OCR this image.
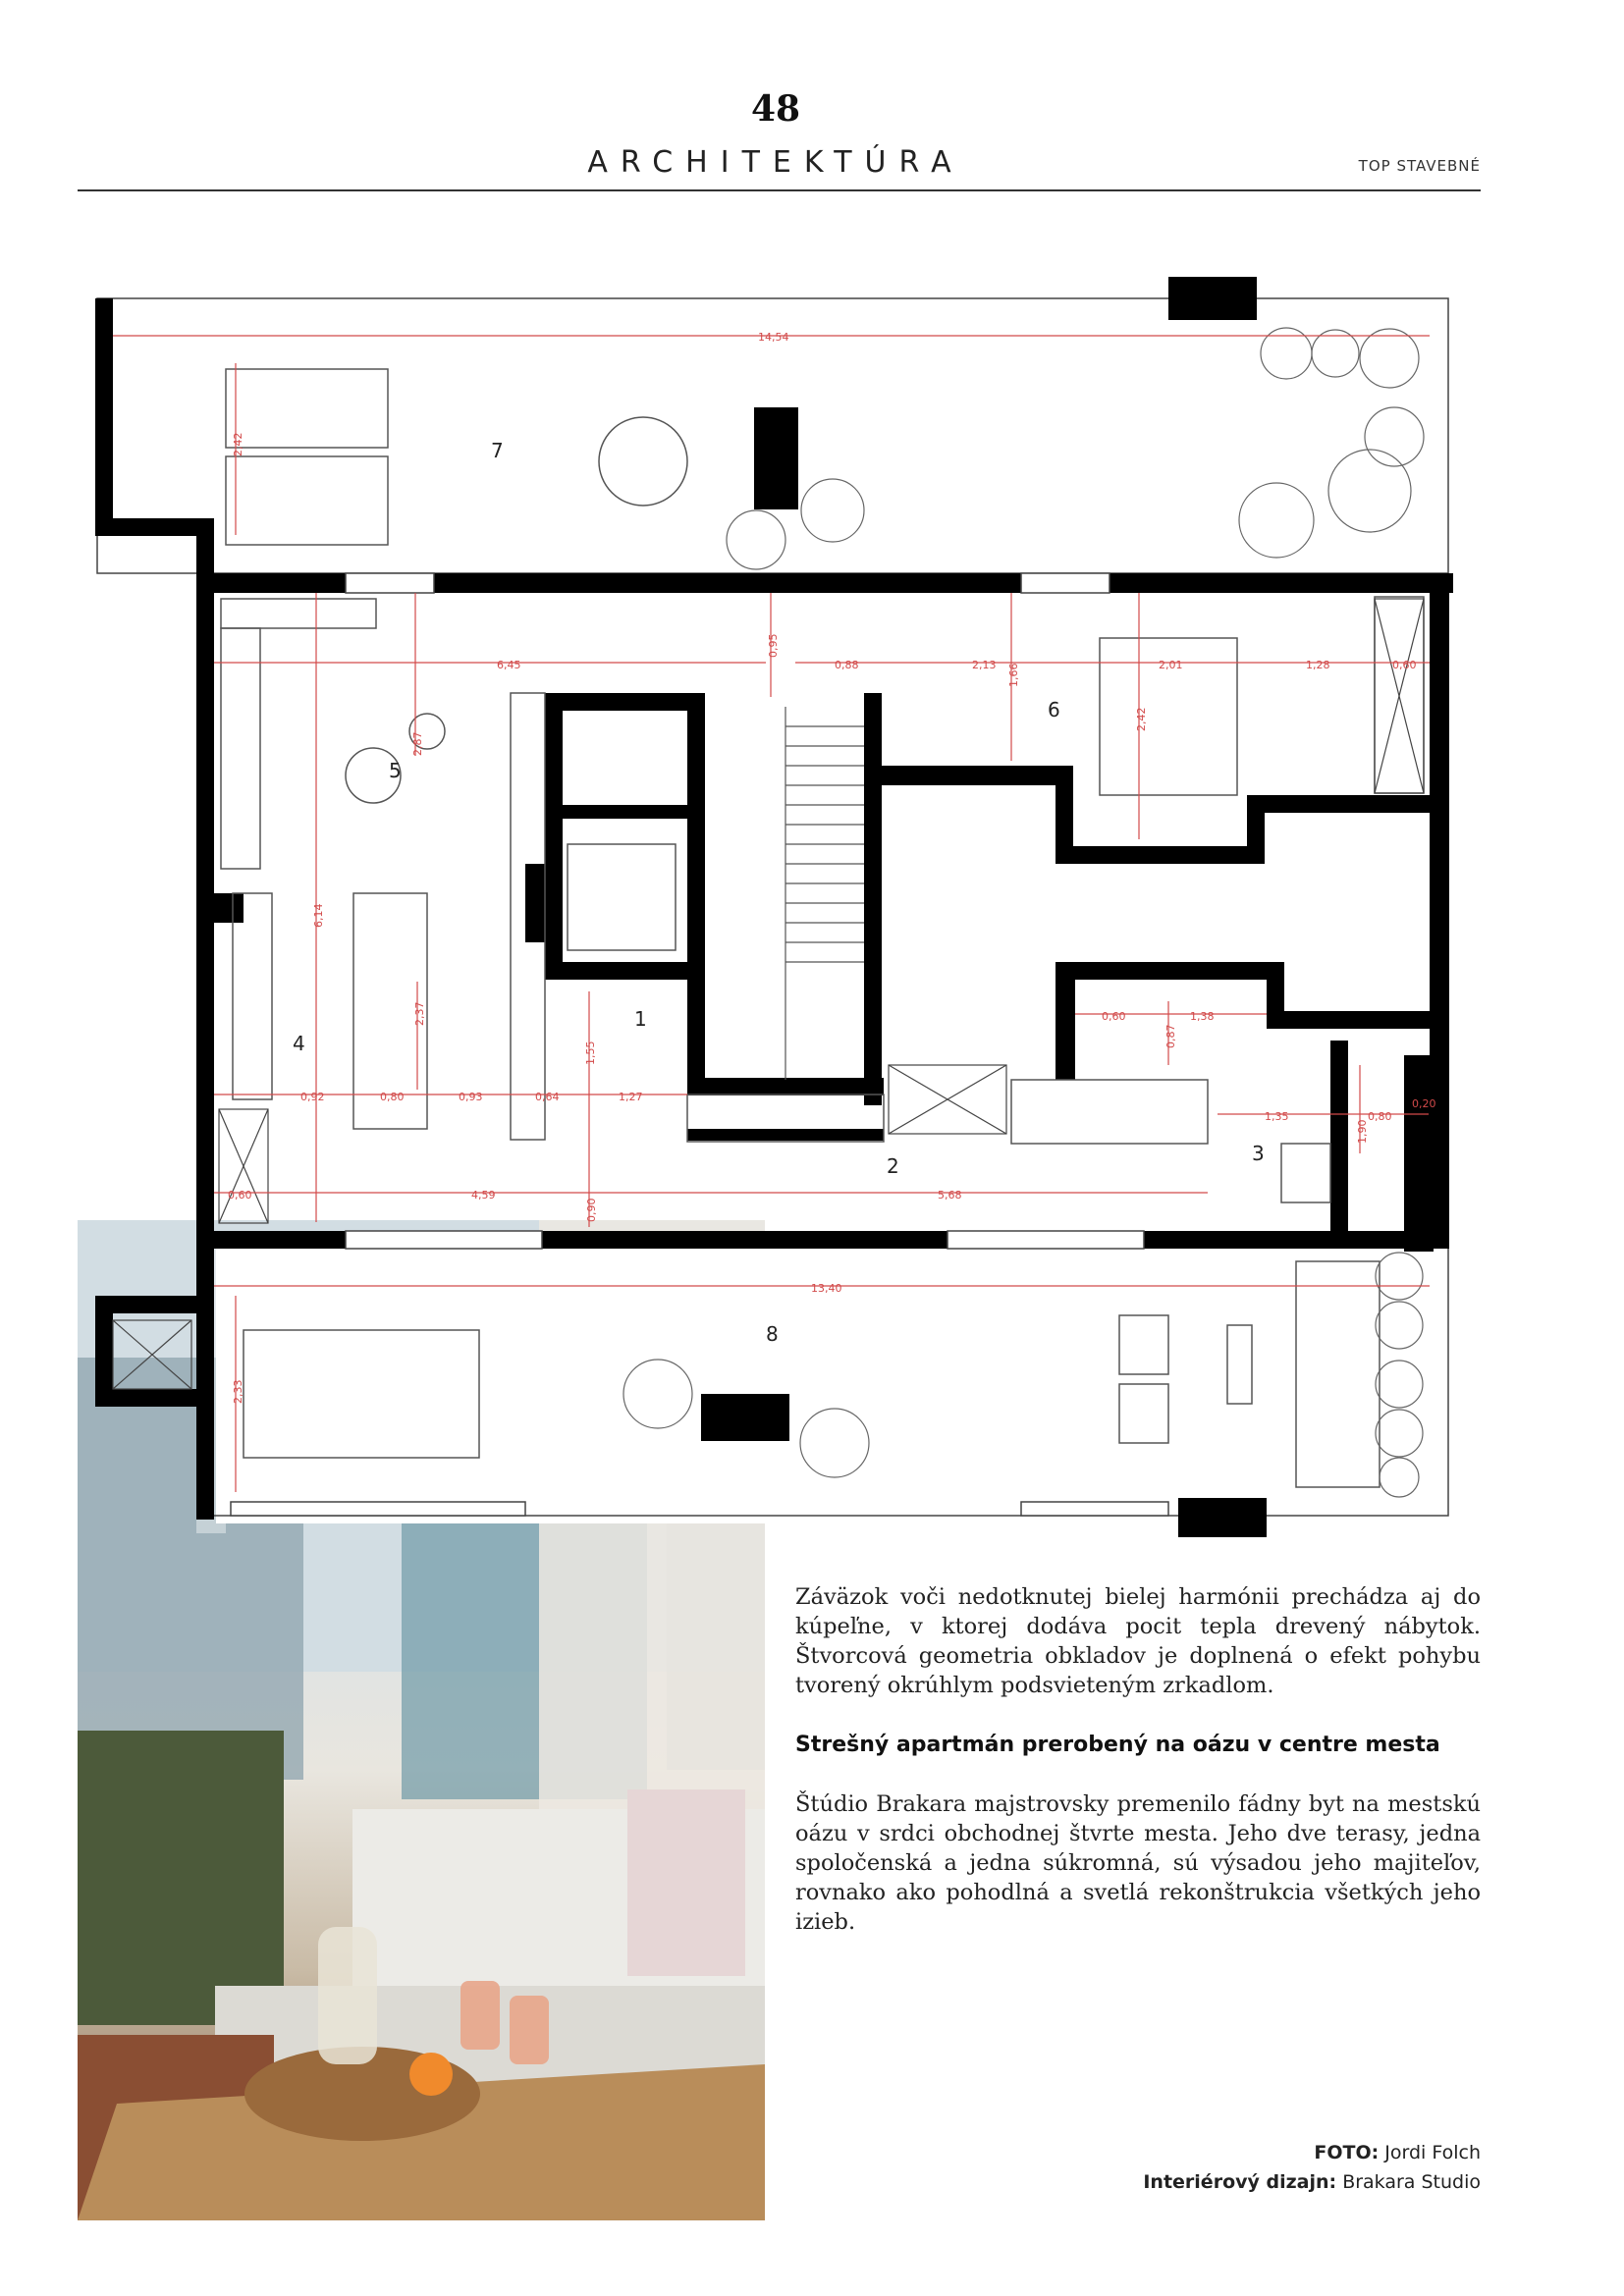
48
ARCHITEKTÚRA	TOP STAVEBNÉ
7
6
5
1
4
2
3
8
14,54
2,42
6,45
0,95
0,88	2,13 1,66	2,01	1,28	0,60
2,42
2,87
6,14
2,37
1,55
0,92	0,80	0,93	0,64	1,27
0,60	1,38
0,87
1,35	0,80
0,20
1,90
0,60	4,59
0,90
5,68
13,40
2,33

Záväzok voči nedotknutej bielej harmónii prechádza aj do kúpeľne, v ktorej dodáva pocit tepla drevený nábytok. Štvorcová geometria obkladov je doplnená o efekt pohybu tvorený okrúhlym podsvieteným zrkadlom.

Strešný apartmán prerobený na oázu v centre mesta

Štúdio Brakara majstrovsky premenilo fádny byt na mestskú oázu v srdci obchodnej štvrte mesta. Jeho dve terasy, jedna spoločenská a jedna súkromná, sú výsadou jeho majiteľov, rovnako ako pohodlná a svetlá rekonštrukcia všetkých jeho izieb.

FOTO: Jordi Folch
Interiérový dizajn: Brakara Studio
